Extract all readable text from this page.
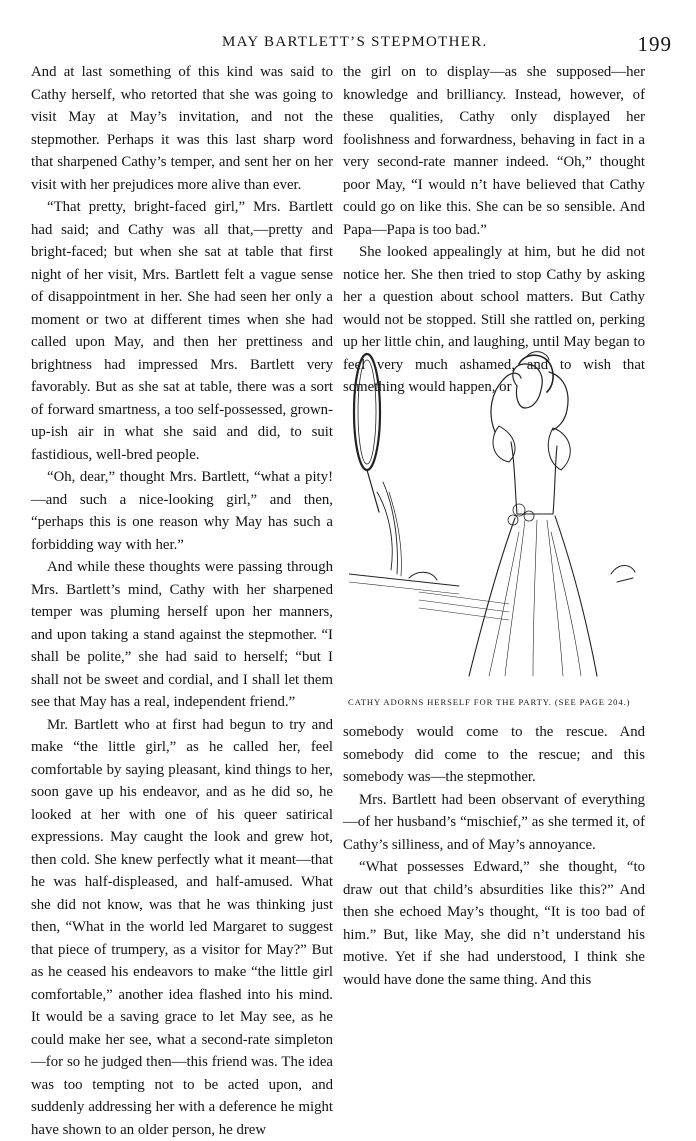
MAY BARTLETT’S STEPMOTHER.	199

And at last something of this kind was said to Cathy herself, who retorted that she was going to visit May at May’s invitation, and not the stepmother. Perhaps it was this last sharp word that sharpened Cathy’s temper, and sent her on her visit with her prejudices more alive than ever.

“That pretty, bright-faced girl,” Mrs. Bartlett had said; and Cathy was all that,—pretty and bright-faced; but when she sat at table that first night of her visit, Mrs. Bartlett felt a vague sense of disappointment in her. She had seen her only a moment or two at different times when she had called upon May, and then her prettiness and brightness had impressed Mrs. Bartlett very favorably. But as she sat at table, there was a sort of forward smartness, a too self-possessed, grown-up-ish air in what she said and did, to suit fastidious, well-bred people.

“Oh, dear,” thought Mrs. Bartlett, “what a pity!—and such a nice-looking girl,” and then, “perhaps this is one reason why May has such a forbidding way with her.”

And while these thoughts were passing through Mrs. Bartlett’s mind, Cathy with her sharpened temper was pluming herself upon her manners, and upon taking a stand against the stepmother. “I shall be polite,” she had said to herself; “but I shall not be sweet and cordial, and I shall let them see that May has a real, independent friend.”

Mr. Bartlett who at first had begun to try and make “the little girl,” as he called her, feel comfortable by saying pleasant, kind things to her, soon gave up his endeavor, and as he did so, he looked at her with one of his queer satirical expressions. May caught the look and grew hot, then cold. She knew perfectly what it meant—that he was half-displeased, and half-amused. What she did not know, was that he was thinking just then, “What in the world led Margaret to suggest that piece of trumpery, as a visitor for May?” But as he ceased his endeavors to make “the little girl comfortable,” another idea flashed into his mind. It would be a saving grace to let May see, as he could make her see, what a second-rate simpleton—for so he judged then—this friend was. The idea was too tempting not to be acted upon, and suddenly addressing her with a deference he might have shown to an older person, he drew

the girl on to display—as she supposed—her knowledge and brilliancy. Instead, however, of these qualities, Cathy only displayed her foolishness and forwardness, behaving in fact in a very second-rate manner indeed. “Oh,” thought poor May, “I would n’t have believed that Cathy could go on like this. She can be so sensible. And Papa—Papa is too bad.”

She looked appealingly at him, but he did not notice her. She then tried to stop Cathy by asking her a question about school matters. But Cathy would not be stopped. Still she rattled on, perking up her little chin, and laughing, until May began to feel very much ashamed, and to wish that something would happen, or

CATHY ADORNS HERSELF FOR THE PARTY. (SEE PAGE 204.)

somebody would come to the rescue. And somebody did come to the rescue; and this somebody was—the stepmother.

Mrs. Bartlett had been observant of everything—of her husband’s “mischief,” as she termed it, of Cathy’s silliness, and of May’s annoyance.

“What possesses Edward,” she thought, “to draw out that child’s absurdities like this?” And then she echoed May’s thought, “It is too bad of him.” But, like May, she did n’t understand his motive. Yet if she had understood, I think she would have done the same thing. And this
